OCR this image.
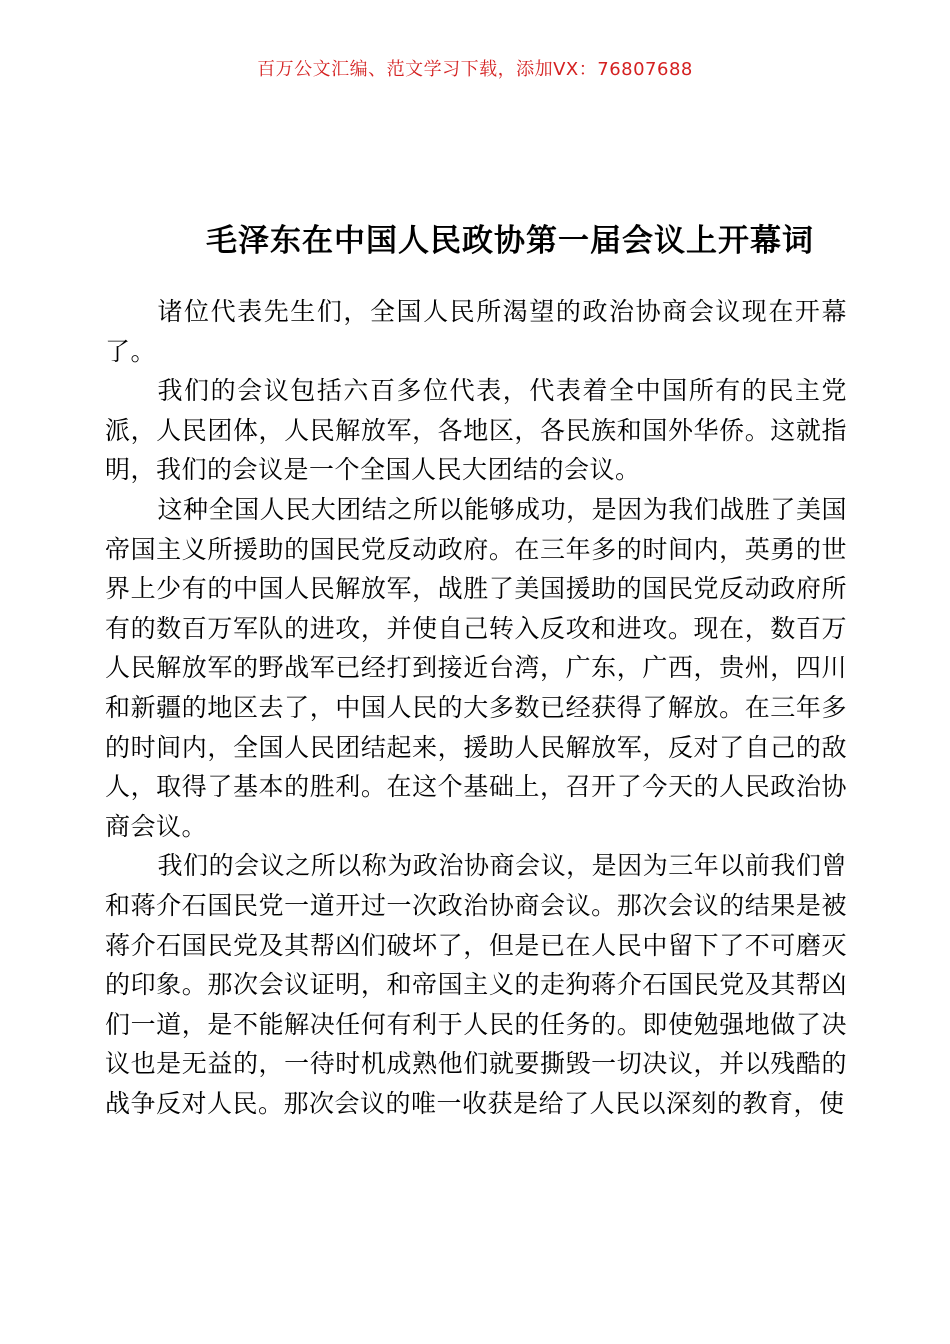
百万公文汇编、范文学习下载，添加VX：76807688
毛泽东在中国人民政协第一届会议上开幕词

诸位代表先生们，全国人民所渴望的政治协商会议现在开幕了。

我们的会议包括六百多位代表，代表着全中国所有的民主党派，人民团体，人民解放军，各地区，各民族和国外华侨。这就指明，我们的会议是一个全国人民大团结的会议。

这种全国人民大团结之所以能够成功，是因为我们战胜了美国帝国主义所援助的国民党反动政府。在三年多的时间内，英勇的世界上少有的中国人民解放军，战胜了美国援助的国民党反动政府所有的数百万军队的进攻，并使自己转入反攻和进攻。现在，数百万人民解放军的野战军已经打到接近台湾，广东，广西，贵州，四川和新疆的地区去了，中国人民的大多数已经获得了解放。在三年多的时间内，全国人民团结起来，援助人民解放军，反对了自己的敌人，取得了基本的胜利。在这个基础上，召开了今天的人民政治协商会议。

我们的会议之所以称为政治协商会议，是因为三年以前我们曾和蒋介石国民党一道开过一次政治协商会议。那次会议的结果是被蒋介石国民党及其帮凶们破坏了，但是已在人民中留下了不可磨灭的印象。那次会议证明，和帝国主义的走狗蒋介石国民党及其帮凶们一道，是不能解决任何有利于人民的任务的。即使勉强地做了决议也是无益的，一待时机成熟他们就要撕毁一切决议，并以残酷的战争反对人民。那次会议的唯一收获是给了人民以深刻的教育，使
